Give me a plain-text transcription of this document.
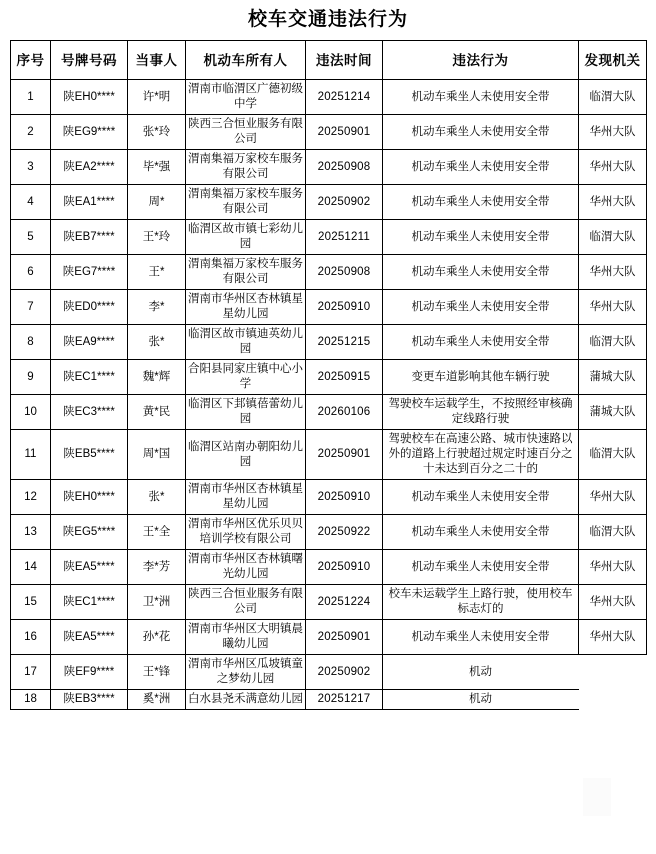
校车交通违法行为
序号	号牌号码	当事人	机动车所有人	违法时间	违法行为	发现机关
1	陕EH0****	许*明	渭南市临渭区广德初级中学	20251214	机动车乘坐人未使用安全带	临渭大队
2	陕EG9****	张*玲	陕西三合恒业服务有限公司	20250901	机动车乘坐人未使用安全带	华州大队
3	陕EA2****	毕*强	渭南集福万家校车服务有限公司	20250908	机动车乘坐人未使用安全带	华州大队
4	陕EA1****	周*	渭南集福万家校车服务有限公司	20250902	机动车乘坐人未使用安全带	华州大队
5	陕EB7****	王*玲	临渭区故市镇七彩幼儿园	20251211	机动车乘坐人未使用安全带	临渭大队
6	陕EG7****	王*	渭南集福万家校车服务有限公司	20250908	机动车乘坐人未使用安全带	华州大队
7	陕ED0****	李*	渭南市华州区杏林镇星星幼儿园	20250910	机动车乘坐人未使用安全带	华州大队
8	陕EA9****	张*	临渭区故市镇迪英幼儿园	20251215	机动车乘坐人未使用安全带	临渭大队
9	陕EC1****	魏*辉	合阳县同家庄镇中心小学	20250915	变更车道影响其他车辆行驶	蒲城大队
10	陕EC3****	黄*民	临渭区下邽镇蓓蕾幼儿园	20260106	驾驶校车运载学生，不按照经审核确定线路行驶	蒲城大队
11	陕EB5****	周*国	临渭区站南办朝阳幼儿园	20250901	驾驶校车在高速公路、城市快速路以外的道路上行驶超过规定时速百分之十未达到百分之二十的	临渭大队
12	陕EH0****	张*	渭南市华州区杏林镇星星幼儿园	20250910	机动车乘坐人未使用安全带	华州大队
13	陕EG5****	王*全	渭南市华州区优乐贝贝培训学校有限公司	20250922	机动车乘坐人未使用安全带	临渭大队
14	陕EA5****	李*芳	渭南市华州区杏林镇曙光幼儿园	20250910	机动车乘坐人未使用安全带	华州大队
15	陕EC1****	卫*洲	陕西三合恒业服务有限公司	20251224	校车未运载学生上路行驶，使用校车标志灯的	华州大队
16	陕EA5****	孙*花	渭南市华州区大明镇晨曦幼儿园	20250901	机动车乘坐人未使用安全带	华州大队
17	陕EF9****	王*锋	渭南市华州区瓜坡镇童之梦幼儿园	20250902	机动	
18	陕EB3****	奚*洲	白水县尧禾满意幼儿园	20251217	机动	
